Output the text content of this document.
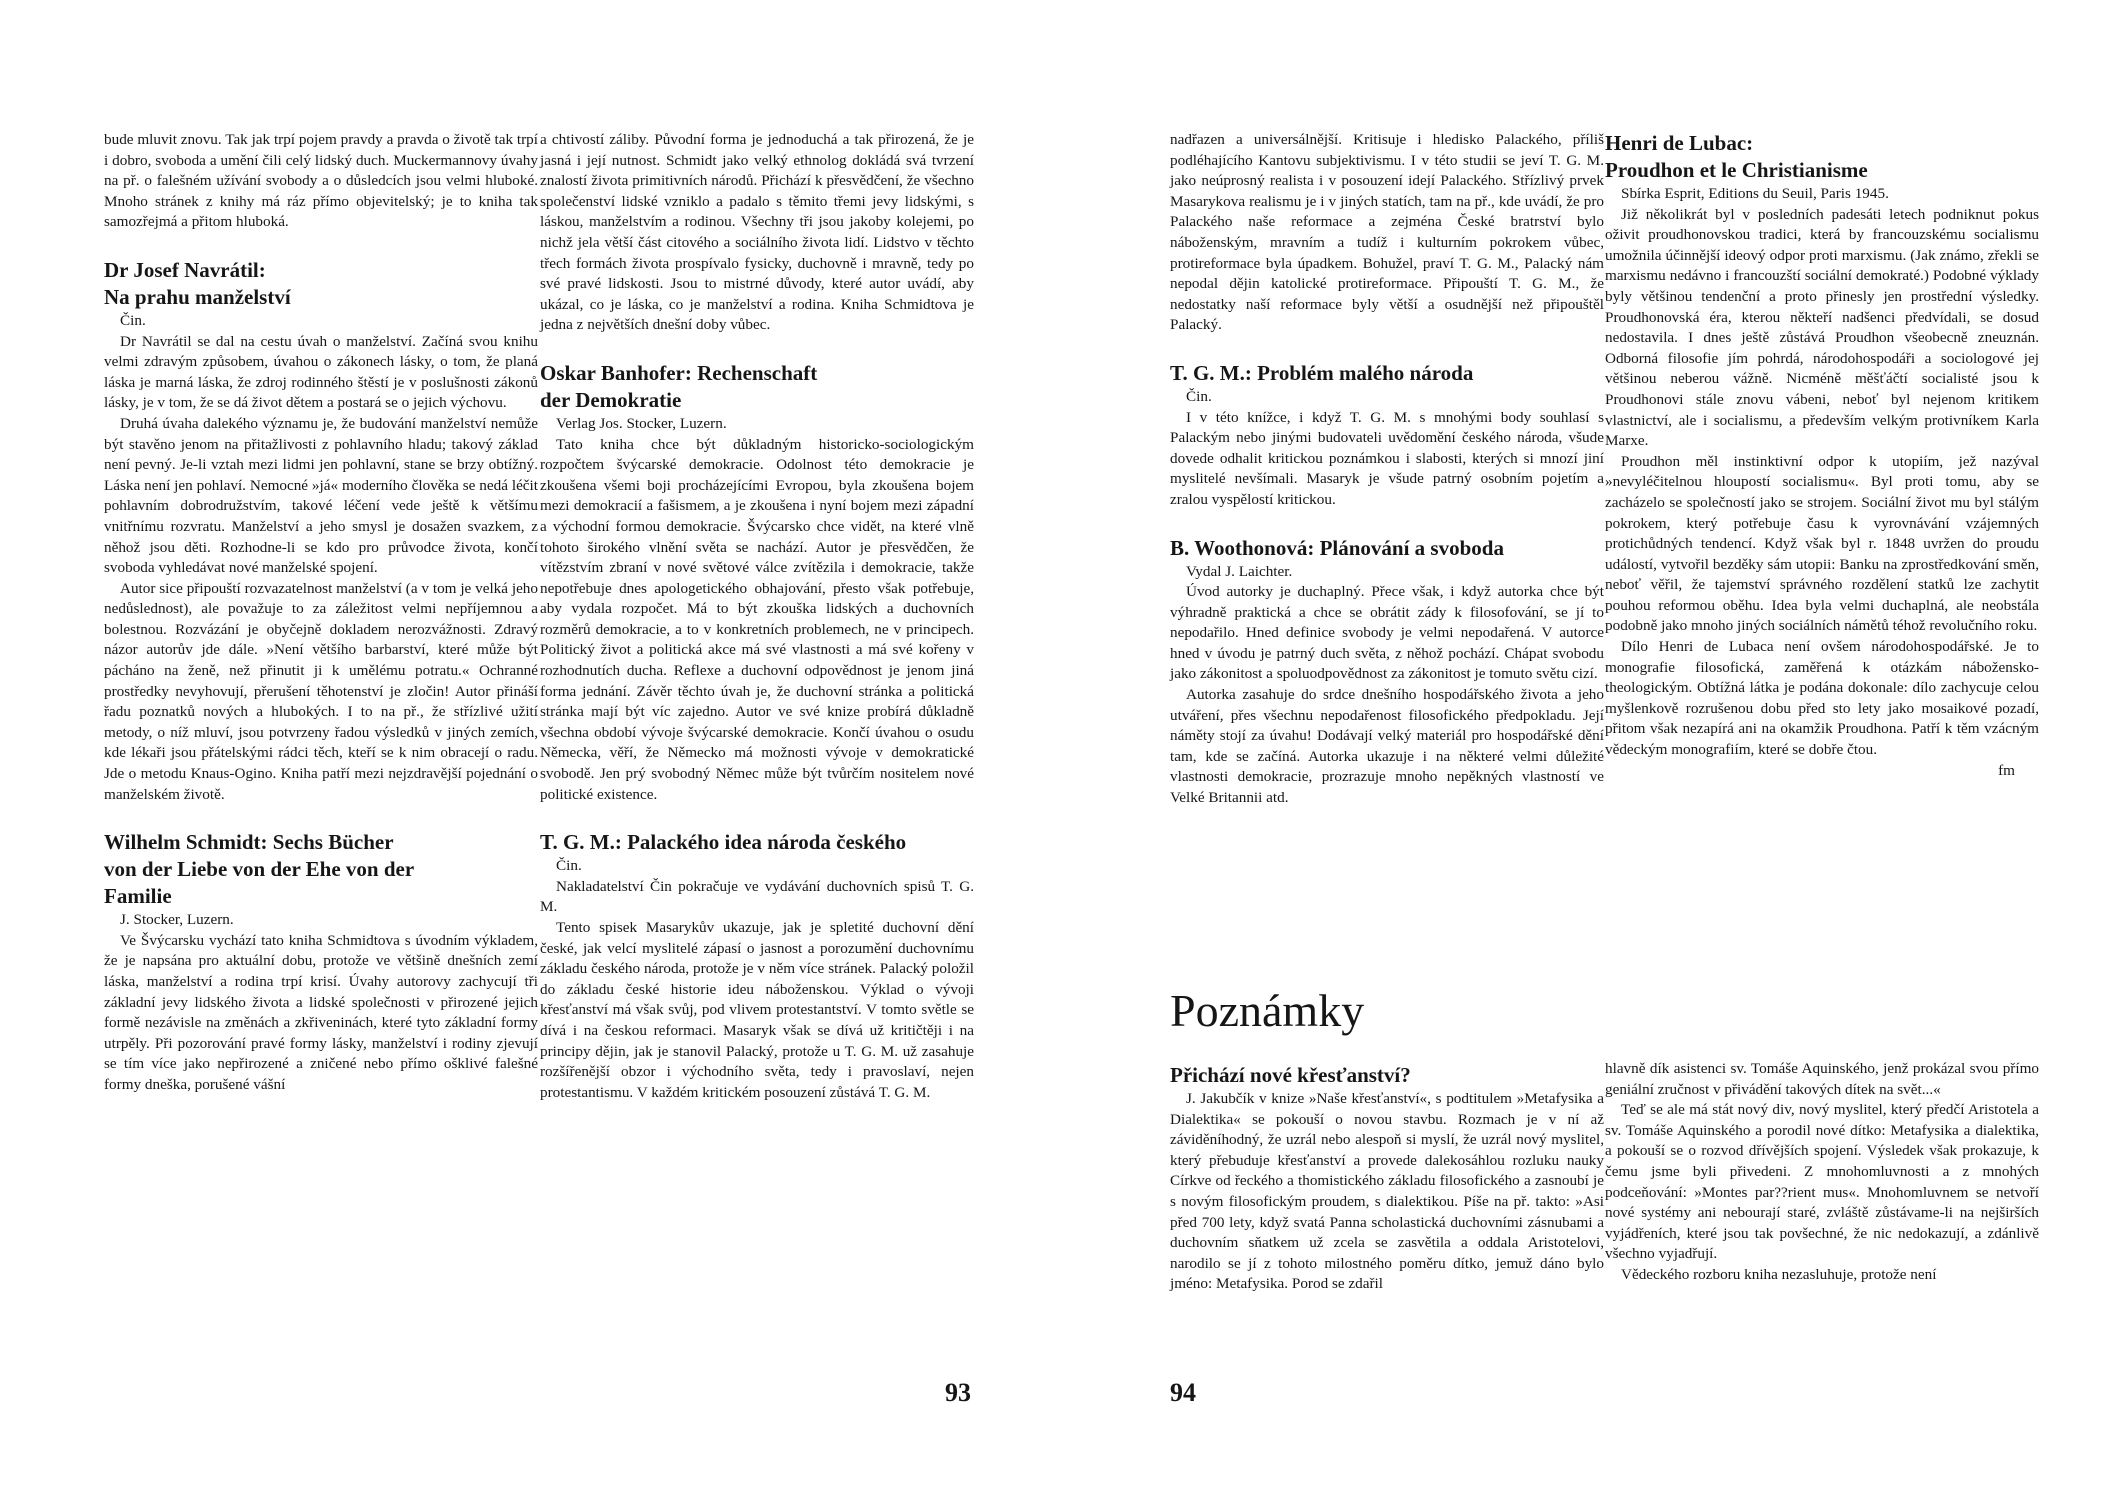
bude mluvit znovu. Tak jak trpí pojem pravdy a pravda o životě tak trpí i dobro, svoboda a umění čili celý lidský duch. Muckermannovy úvahy na př. o falešném užívání svobody a o důsledcích jsou velmi hluboké. Mnoho stránek z knihy má ráz přímo objevitelský; je to kniha tak samozřejmá a přitom hluboká.

Dr Josef Navrátil:
Na prahu manželství

Čin.

Dr Navrátil se dal na cestu úvah o manželství. Začíná svou knihu velmi zdravým způsobem, úvahou o zákonech lásky, o tom, že planá láska je marná láska, že zdroj rodinného štěstí je v poslušnosti zákonů lásky, je v tom, že se dá život dětem a postará se o jejich výchovu.

Druhá úvaha dalekého významu je, že budování manželství nemůže být stavěno jenom na přitažlivosti z pohlavního hladu; takový základ není pevný. Je-li vztah mezi lidmi jen pohlavní, stane se brzy obtížný. Láska není jen pohlaví. Nemocné »já« moderního člověka se nedá léčit pohlavním dobrodružstvím, takové léčení vede ještě k většímu vnitřnímu rozvratu. Manželství a jeho smysl je dosažen svazkem, z něhož jsou děti. Rozhodne-li se kdo pro průvodce života, končí svoboda vyhledávat nové manželské spojení.

Autor sice připouští rozvazatelnost manželství (a v tom je velká jeho nedůslednost), ale považuje to za záležitost velmi nepříjemnou a bolestnou. Rozvázání je obyčejně dokladem nerozvážnosti. Zdravý názor autorův jde dále. »Není většího barbarství, které může být pácháno na ženě, než přinutit ji k umělému potratu.« Ochranné prostředky nevyhovují, přerušení těhotenství je zločin! Autor přináší řadu poznatků nových a hlubokých. I to na př., že střízlivé užití metody, o níž mluví, jsou potvrzeny řadou výsledků v jiných zemích, kde lékaři jsou přátelskými rádci těch, kteří se k nim obracejí o radu. Jde o metodu Knaus-Ogino. Kniha patří mezi nejzdravější pojednání o manželském životě.

Wilhelm Schmidt: Sechs Bücher
von der Liebe von der Ehe von der
Familie

J. Stocker, Luzern.

Ve Švýcarsku vychází tato kniha Schmidtova s úvodním výkladem, že je napsána pro aktuální dobu, protože ve většině dnešních zemí láska, manželství a rodina trpí krisí. Úvahy autorovy zachycují tři základní jevy lidského života a lidské společnosti v přirozené jejich formě nezávisle na změnách a zkřiveninách, které tyto základní formy utrpěly. Při pozorování pravé formy lásky, manželství i rodiny zjevují se tím více jako nepřirozené a zničené nebo přímo ošklivé falešné formy dneška, porušené vášní

a chtivostí záliby. Původní forma je jednoduchá a tak přirozená, že je jasná i její nutnost. Schmidt jako velký ethnolog dokládá svá tvrzení znalostí života primitivních národů. Přichází k přesvědčení, že všechno společenství lidské vzniklo a padalo s těmito třemi jevy lidskými, s láskou, manželstvím a rodinou. Všechny tři jsou jakoby kolejemi, po nichž jela větší část citového a sociálního života lidí. Lidstvo v těchto třech formách života prospívalo fysicky, duchovně i mravně, tedy po své pravé lidskosti. Jsou to mistrné důvody, které autor uvádí, aby ukázal, co je láska, co je manželství a rodina. Kniha Schmidtova je jedna z největších dnešní doby vůbec.

Oskar Banhofer: Rechenschaft
der Demokratie

Verlag Jos. Stocker, Luzern.

Tato kniha chce být důkladným historicko-sociologickým rozpočtem švýcarské demokracie. Odolnost této demokracie je zkoušena všemi boji procházejícími Evropou, byla zkoušena bojem mezi demokracií a fašismem, a je zkoušena i nyní bojem mezi západní a východní formou demokracie. Švýcarsko chce vidět, na které vlně tohoto širokého vlnění světa se nachází. Autor je přesvědčen, že vítězstvím zbraní v nové světové válce zvítězila i demokracie, takže nepotřebuje dnes apologetického obhajování, přesto však potřebuje, aby vydala rozpočet. Má to být zkouška lidských a duchovních rozměrů demokracie, a to v konkretních problemech, ne v principech. Politický život a politická akce má své vlastnosti a má své kořeny v rozhodnutích ducha. Reflexe a duchovní odpovědnost je jenom jiná forma jednání. Závěr těchto úvah je, že duchovní stránka a politická stránka mají být víc zajedno. Autor ve své knize probírá důkladně všechna období vývoje švýcarské demokracie. Končí úvahou o osudu Německa, věří, že Německo má možnosti vývoje v demokratické svobodě. Jen prý svobodný Němec může být tvůrčím nositelem nové politické existence.

T. G. M.: Palackého idea národa českého

Čin.

Nakladatelství Čin pokračuje ve vydávání duchovních spisů T. G. M.

Tento spisek Masarykův ukazuje, jak je spletité duchovní dění české, jak velcí myslitelé zápasí o jasnost a porozumění duchovnímu základu českého národa, protože je v něm více stránek. Palacký položil do základu české historie ideu náboženskou. Výklad o vývoji křesťanství má však svůj, pod vlivem protestantství. V tomto světle se dívá i na českou reformaci. Masaryk však se dívá už kritičtěji i na principy dějin, jak je stanovil Palacký, protože u T. G. M. už zasahuje rozšířenější obzor i východního světa, tedy i pravoslaví, nejen protestantismu. V každém kritickém posouzení zůstává T. G. M.

93

nadřazen a universálnější. Kritisuje i hledisko Palackého, příliš podléhajícího Kantovu subjektivismu. I v této studii se jeví T. G. M. jako neúprosný realista i v posouzení idejí Palackého. Střízlivý prvek Masarykova realismu je i v jiných statích, tam na př., kde uvádí, že pro Palackého naše reformace a zejména České bratrství bylo náboženským, mravním a tudíž i kulturním pokrokem vůbec, protireformace byla úpadkem. Bohužel, praví T. G. M., Palacký nám nepodal dějin katolické protireformace. Připouští T. G. M., že nedostatky naší reformace byly větší a osudnější než připouštěl Palacký.

T. G. M.: Problém malého národa

Čin.

I v této knížce, i když T. G. M. s mnohými body souhlasí s Palackým nebo jinými budovateli uvědomění českého národa, všude dovede odhalit kritickou poznámkou i slabosti, kterých si mnozí jiní myslitelé nevšímali. Masaryk je všude patrný osobním pojetím a zralou vyspělostí kritickou.

B. Woothonová: Plánování a svoboda

Vydal J. Laichter.

Úvod autorky je duchaplný. Přece však, i když autorka chce být výhradně praktická a chce se obrátit zády k filosofování, se jí to nepodařilo. Hned definice svobody je velmi nepodařená. V autorce hned v úvodu je patrný duch světa, z něhož pochází. Chápat svobodu jako zákonitost a spoluodpovědnost za zákonitost je tomuto světu cizí.

Autorka zasahuje do srdce dnešního hospodářského života a jeho utváření, přes všechnu nepodařenost filosofického předpokladu. Její náměty stojí za úvahu! Dodávají velký materiál pro hospodářské dění tam, kde se začíná. Autorka ukazuje i na některé velmi důležité vlastnosti demokracie, prozrazuje mnoho nepěkných vlastností ve Velké Britannii atd.

Henri de Lubac:
Proudhon et le Christianisme

Sbírka Esprit, Editions du Seuil, Paris 1945.

Již několikrát byl v posledních padesáti letech podniknut pokus oživit proudhonovskou tradici, která by francouzskému socialismu umožnila účinnější ideový odpor proti marxismu. (Jak známo, zřekli se marxismu nedávno i francouzští sociální demokraté.) Podobné výklady byly většinou tendenční a proto přinesly jen prostřední výsledky. Proudhonovská éra, kterou někteří nadšenci předvídali, se dosud nedostavila. I dnes ještě zůstává Proudhon všeobecně zneuznán. Odborná filosofie jím pohrdá, národohospodáři a sociologové jej většinou neberou vážně. Nicméně měšťáčtí socialisté jsou k Proudhonovi stále znovu vábeni, neboť byl nejenom kritikem vlastnictví, ale i socialismu, a především velkým protivníkem Karla Marxe.

Proudhon měl instinktivní odpor k utopiím, jež nazýval »nevyléčitelnou hloupostí socialismu«. Byl proti tomu, aby se zacházelo se společností jako se strojem. Sociální život mu byl stálým pokrokem, který potřebuje času k vyrovnávání vzájemných protichůdných tendencí. Když však byl r. 1848 uvržen do proudu událostí, vytvořil bezděky sám utopii: Banku na zprostředkování směn, neboť věřil, že tajemství správného rozdělení statků lze zachytit pouhou reformou oběhu. Idea byla velmi duchaplná, ale neobstála podobně jako mnoho jiných sociálních námětů téhož revolučního roku.

Dílo Henri de Lubaca není ovšem národohospodářské. Je to monografie filosofická, zaměřená k otázkám nábožensko-theologickým. Obtížná látka je podána dokonale: dílo zachycuje celou myšlenkově rozrušenou dobu před sto lety jako mosaikové pozadí, přitom však nezapírá ani na okamžik Proudhona. Patří k těm vzácným vědeckým monografiím, které se dobře čtou.

fm
Poznámky
Přichází nové křesťanství?

J. Jakubčík v knize »Naše křesťanství«, s podtitulem »Metafysika a Dialektika« se pokouší o novou stavbu. Rozmach je v ní až záviděníhodný, že uzrál nebo alespoň si myslí, že uzrál nový myslitel, který přebuduje křesťanství a provede dalekosáhlou rozluku nauky Církve od řeckého a thomistického základu filosofického a zasnoubí je s novým filosofickým proudem, s dialektikou. Píše na př. takto: »Asi před 700 lety, když svatá Panna scholastická duchovními zásnubami a duchovním sňatkem už zcela se zasvětila a oddala Aristotelovi, narodilo se jí z tohoto milostného poměru dítko, jemuž dáno bylo jméno: Metafysika. Porod se zdařil

hlavně dík asistenci sv. Tomáše Aquinského, jenž prokázal svou přímo geniální zručnost v přivádění takových dítek na svět...«

Teď se ale má stát nový div, nový myslitel, který předčí Aristotela a sv. Tomáše Aquinského a porodil nové dítko: Metafysika a dialektika, a pokouší se o rozvod dřívějších spojení. Výsledek však prokazuje, k čemu jsme byli přivedeni. Z mnohomluvnosti a z mnohých podceňování: »Montes par??rient mus«. Mnohomluvnem se netvoří nové systémy ani nebourají staré, zvláště zůstávame-li na nejširších vyjádřeních, které jsou tak povšechné, že nic nedokazují, a zdánlivě všechno vyjadřují.

Vědeckého rozboru kniha nezasluhuje, protože není

94
